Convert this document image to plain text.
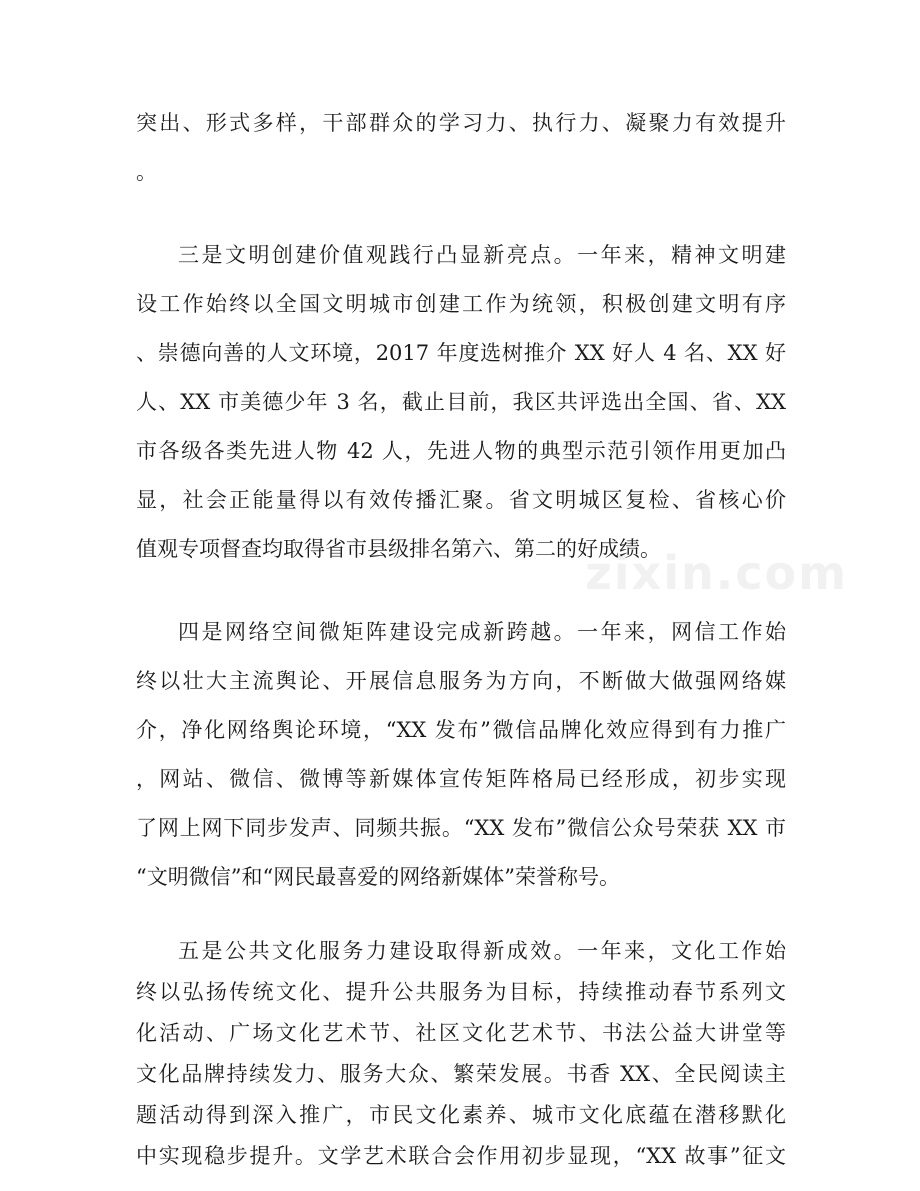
zixin.com
突出、形式多样，干部群众的学习力、执行力、凝聚力有效提升
。
三是文明创建价值观践行凸显新亮点。一年来，精神文明建
设工作始终以全国文明城市创建工作为统领，积极创建文明有序
、崇德向善的人文环境，2017 年度选树推介 XX 好人 4 名、XX 好
人、XX 市美德少年 3 名，截止目前，我区共评选出全国、省、XX
市各级各类先进人物 42 人，先进人物的典型示范引领作用更加凸
显，社会正能量得以有效传播汇聚。省文明城区复检、省核心价
值观专项督查均取得省市县级排名第六、第二的好成绩。
四是网络空间微矩阵建设完成新跨越。一年来，网信工作始
终以壮大主流舆论、开展信息服务为方向，不断做大做强网络媒
介，净化网络舆论环境，“XX 发布”微信品牌化效应得到有力推广
，网站、微信、微博等新媒体宣传矩阵格局已经形成，初步实现
了网上网下同步发声、同频共振。“XX 发布”微信公众号荣获 XX 市
“文明微信”和“网民最喜爱的网络新媒体”荣誉称号。
五是公共文化服务力建设取得新成效。一年来，文化工作始
终以弘扬传统文化、提升公共服务为目标，持续推动春节系列文
化活动、广场文化艺术节、社区文化艺术节、书法公益大讲堂等
文化品牌持续发力、服务大众、繁荣发展。书香 XX、全民阅读主
题活动得到深入推广，市民文化素养、城市文化底蕴在潜移默化
中实现稳步提升。文学艺术联合会作用初步显现，“XX 故事”征文
